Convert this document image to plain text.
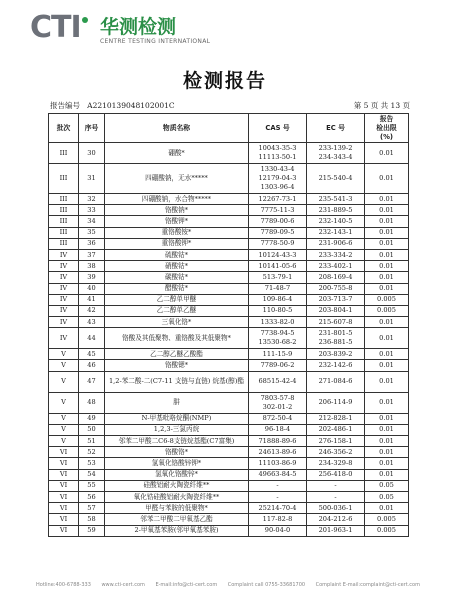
CTI 华测检测
CENTRE TESTING INTERNATIONAL
检测报告
报告编号 A2210139048102001C	第 5 页 共 13 页
批次	序号	物质名称	CAS 号	EC 号	报告
检出限
(%)

III	30	硼酸*	10043-35-3
11113-50-1	233-139-2
234-343-4	0.01
III	31	四硼酸钠，无水*****	1330-43-4
12179-04-3
1303-96-4	215-540-4	0.01
III	32	四硼酸钠，水合物*****	12267-73-1	235-541-3	0.01
III	33	铬酸钠*	7775-11-3	231-889-5	0.01
III	34	铬酸钾*	7789-00-6	232-140-5	0.01
III	35	重铬酸铵*	7789-09-5	232-143-1	0.01
III	36	重铬酸钾*	7778-50-9	231-906-6	0.01
IV	37	硫酸钴*	10124-43-3	233-334-2	0.01
IV	38	硝酸钴*	10141-05-6	233-402-1	0.01
IV	39	碳酸钴*	513-79-1	208-169-4	0.01
IV	40	醋酸钴*	71-48-7	200-755-8	0.01
IV	41	乙二醇单甲醚	109-86-4	203-713-7	0.005
IV	42	乙二醇单乙醚	110-80-5	203-804-1	0.005
IV	43	三氧化铬*	1333-82-0	215-607-8	0.01
IV	44	铬酸及其低聚物、重铬酸及其低聚物*	7738-94-5
13530-68-2	231-801-5
236-881-5	0.01
V	45	乙二醇乙醚乙酸酯	111-15-9	203-839-2	0.01
V	46	铬酸锶*	7789-06-2	232-142-6	0.01
V	47	1,2-苯二酸-二(C7-11 支链与直链) 烷基(醇)酯	68515-42-4	271-084-6	0.01
V	48	肼	7803-57-8
302-01-2	206-114-9	0.01
V	49	N-甲基吡咯烷酮(NMP)	872-50-4	212-828-1	0.01
V	50	1,2,3-三氯丙烷	96-18-4	202-486-1	0.01
V	51	邻苯二甲酸二C6-8支链烷基酯(C7富集)	71888-89-6	276-158-1	0.01
VI	52	铬酸铬*	24613-89-6	246-356-2	0.01
VI	53	氢氧化铬酸锌钾*	11103-86-9	234-329-8	0.01
VI	54	氢氧化铬酸锌*	49663-84-5	256-418-0	0.01
VI	55	硅酸铝耐火陶瓷纤维**	-	-	0.05
VI	56	氧化锆硅酸铝耐火陶瓷纤维**	-	-	0.05
VI	57	甲醛与苯胺的低聚物*	25214-70-4	500-036-1	0.01
VI	58	邻苯二甲酸二甲氧基乙酯	117-82-8	204-212-6	0.005
VI	59	2-甲氧基苯胺(邻甲氧基苯胺)	90-04-0	201-963-1	0.005
Hotline:400-6788-333 www.cti-cert.com E-mail:info@cti-cert.com Complaint call 0755-33681700 Complaint E-mail:complaint@cti-cert.com
